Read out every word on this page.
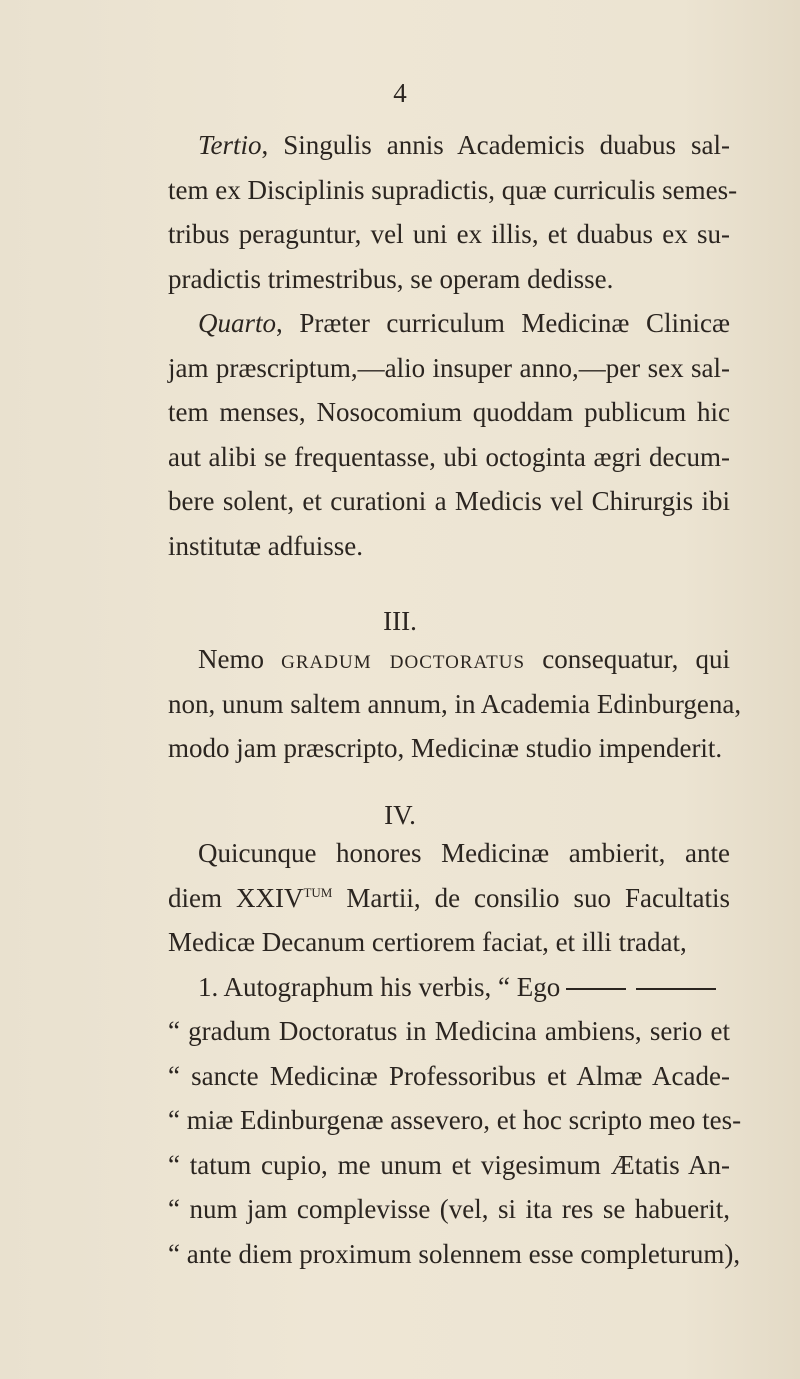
4
Tertio, Singulis annis Academicis duabus sal-
tem ex Disciplinis supradictis, quæ curriculis semes-
tribus peraguntur, vel uni ex illis, et duabus ex su-
pradictis trimestribus, se operam dedisse.
Quarto, Præter curriculum Medicinæ Clinicæ
jam præscriptum,—alio insuper anno,—per sex sal-
tem menses, Nosocomium quoddam publicum hic
aut alibi se frequentasse, ubi octoginta ægri decum-
bere solent, et curationi a Medicis vel Chirurgis ibi
institutæ adfuisse.
III.
Nemo gradum doctoratus consequatur, qui
non, unum saltem annum, in Academia Edinburgena,
modo jam præscripto, Medicinæ studio impenderit.
IV.
Quicunque honores Medicinæ ambierit, ante
diem $XXIV^{TUM}$ Martii, de consilio suo Facultatis
Medicæ Decanum certiorem faciat, et illi tradat,
1. Autographum his verbis, “ Ego
“ gradum Doctoratus in Medicina ambiens, serio et
“ sancte Medicinæ Professoribus et Almæ Acade-
“ miæ Edinburgenæ assevero, et hoc scripto meo tes-
“ tatum cupio, me unum et vigesimum Ætatis An-
“ num jam complevisse (vel, si ita res se habuerit,
“ ante diem proximum solennem esse completurum),
